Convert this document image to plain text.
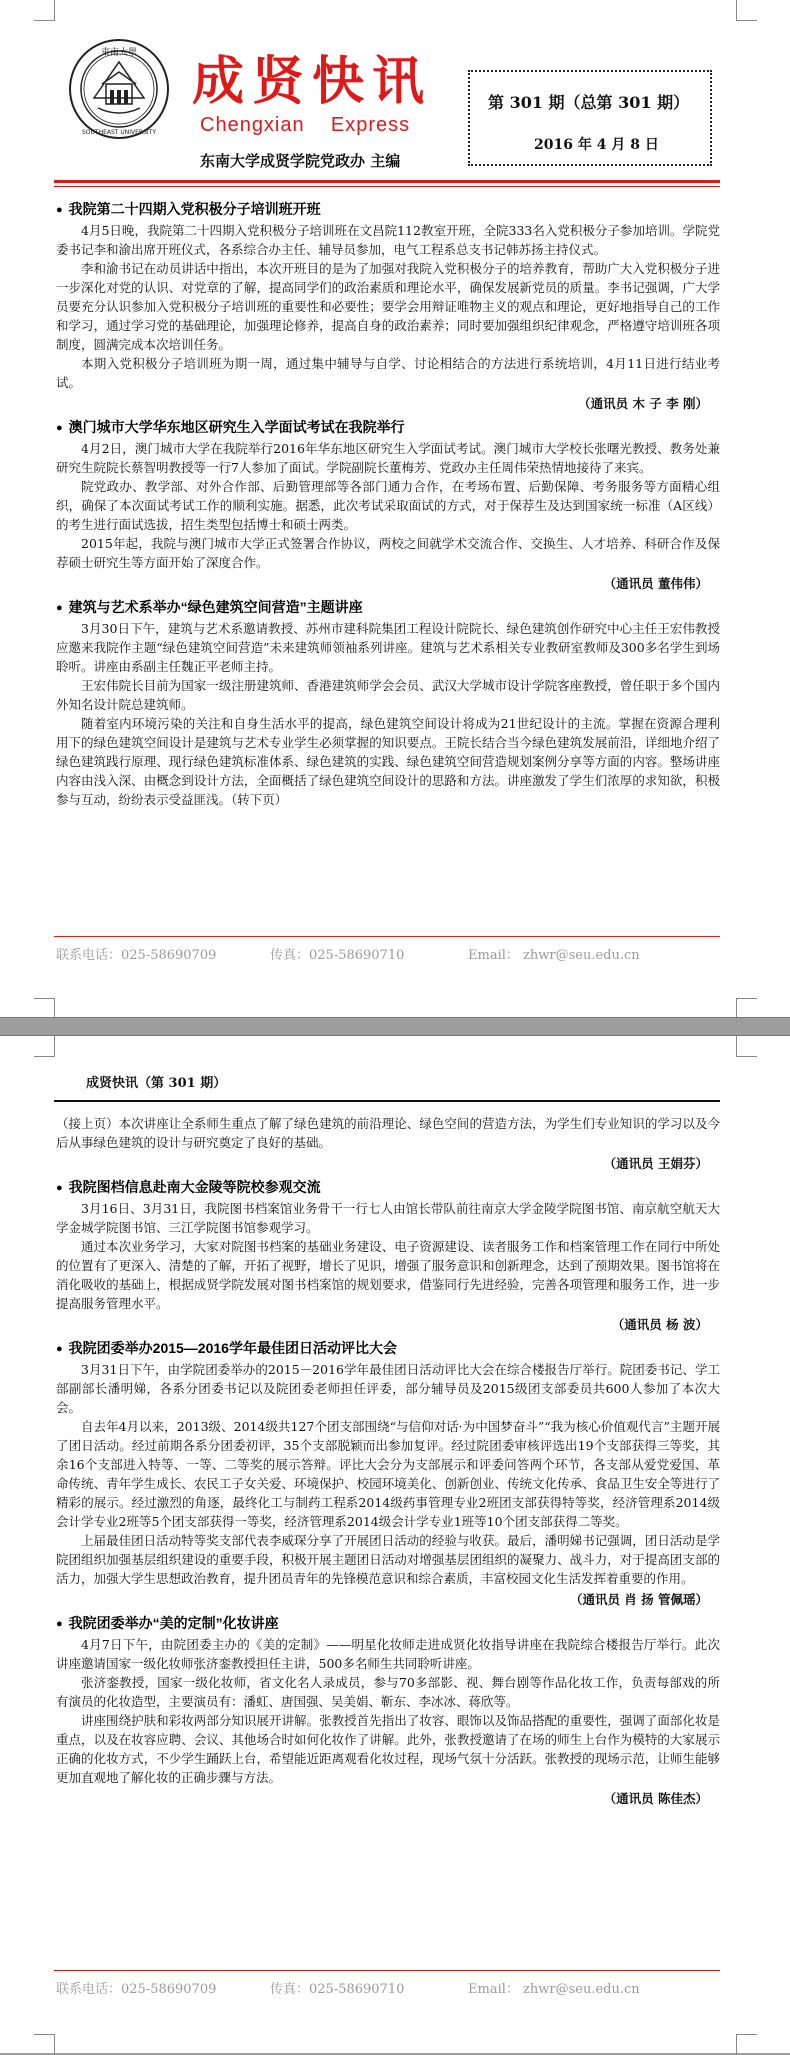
東南大學
SOUTHEAST UNIVERSITY
成贤快讯
Chengxian    Express
东南大学成贤学院党政办 主编
第 301 期（总第 301 期）
2016 年 4 月 8 日
● 我院第二十四期入党积极分子培训班开班

4月5日晚，我院第二十四期入党积极分子培训班在文昌院112教室开班，全院333名入党积极分子参加培训。学院党委书记李和渝出席开班仪式，各系综合办主任、辅导员参加，电气工程系总支书记韩苏扬主持仪式。

李和渝书记在动员讲话中指出，本次开班目的是为了加强对我院入党积极分子的培养教育，帮助广大入党积极分子进一步深化对党的认识、对党章的了解，提高同学们的政治素质和理论水平，确保发展新党员的质量。李书记强调，广大学员要充分认识参加入党积极分子培训班的重要性和必要性；要学会用辩证唯物主义的观点和理论，更好地指导自己的工作和学习，通过学习党的基础理论，加强理论修养，提高自身的政治素养；同时要加强组织纪律观念，严格遵守培训班各项制度，圆满完成本次培训任务。

本期入党积极分子培训班为期一周，通过集中辅导与自学、讨论相结合的方法进行系统培训，4月11日进行结业考试。

（通讯员 木 子 李 刚）
● 澳门城市大学华东地区研究生入学面试考试在我院举行

4月2日，澳门城市大学在我院举行2016年华东地区研究生入学面试考试。澳门城市大学校长张曙光教授、教务处兼研究生院院长蔡智明教授等一行7人参加了面试。学院副院长董梅芳、党政办主任周伟荣热情地接待了来宾。

院党政办、教学部、对外合作部、后勤管理部等各部门通力合作，在考场布置、后勤保障、考务服务等方面精心组织，确保了本次面试考试工作的顺利实施。据悉，此次考试采取面试的方式，对于保荐生及达到国家统一标准（A区线）的考生进行面试选拔，招生类型包括博士和硕士两类。

2015年起，我院与澳门城市大学正式签署合作协议，两校之间就学术交流合作、交换生、人才培养、科研合作及保荐硕士研究生等方面开始了深度合作。

（通讯员 董伟伟）
● 建筑与艺术系举办“绿色建筑空间营造”主题讲座

3月30日下午，建筑与艺术系邀请教授、苏州市建科院集团工程设计院院长、绿色建筑创作研究中心主任王宏伟教授应邀来我院作主题“绿色建筑空间营造”未来建筑师领袖系列讲座。建筑与艺术系相关专业教研室教师及300多名学生到场聆听。讲座由系副主任魏正平老师主持。

王宏伟院长目前为国家一级注册建筑师、香港建筑师学会会员、武汉大学城市设计学院客座教授，曾任职于多个国内外知名设计院总建筑师。

随着室内环境污染的关注和自身生活水平的提高，绿色建筑空间设计将成为21世纪设计的主流。掌握在资源合理利用下的绿色建筑空间设计是建筑与艺术专业学生必须掌握的知识要点。王院长结合当今绿色建筑发展前沿，详细地介绍了绿色建筑践行原理、现行绿色建筑标准体系、绿色建筑的实践、绿色建筑空间营造规划案例分享等方面的内容。整场讲座内容由浅入深、由概念到设计方法，全面概括了绿色建筑空间设计的思路和方法。讲座激发了学生们浓厚的求知欲，积极参与互动，纷纷表示受益匪浅。（转下页）

联系电话：025-58690709	传真：025-58690710	Email： zhwr@seu.edu.cn
成贤快讯（第 301 期）

（接上页）本次讲座让全系师生重点了解了绿色建筑的前沿理论、绿色空间的营造方法，为学生们专业知识的学习以及今后从事绿色建筑的设计与研究奠定了良好的基础。

（通讯员 王娟芬）
● 我院图档信息赴南大金陵等院校参观交流

3月16日、3月31日，我院图书档案馆业务骨干一行七人由馆长带队前往南京大学金陵学院图书馆、南京航空航天大学金城学院图书馆、三江学院图书馆参观学习。

通过本次业务学习，大家对院图书档案的基础业务建设、电子资源建设、读者服务工作和档案管理工作在同行中所处的位置有了更深入、清楚的了解，开拓了视野，增长了见识，增强了服务意识和创新理念，达到了预期效果。图书馆将在消化吸收的基础上，根据成贤学院发展对图书档案馆的规划要求，借鉴同行先进经验，完善各项管理和服务工作，进一步提高服务管理水平。

（通讯员 杨 波）
● 我院团委举办2015—2016学年最佳团日活动评比大会

3月31日下午，由学院团委举办的2015－2016学年最佳团日活动评比大会在综合楼报告厅举行。院团委书记、学工部副部长潘明娣，各系分团委书记以及院团委老师担任评委，部分辅导员及2015级团支部委员共600人参加了本次大会。

自去年4月以来，2013级、2014级共127个团支部围绕“与信仰对话·为中国梦奋斗”“我为核心价值观代言”主题开展了团日活动。经过前期各系分团委初评，35个支部脱颖而出参加复评。经过院团委审核评选出19个支部获得三等奖，其余16个支部进入特等、一等、二等奖的展示答辩。评比大会分为支部展示和评委问答两个环节，各支部从爱党爱国、革命传统、青年学生成长、农民工子女关爱、环境保护、校园环境美化、创新创业、传统文化传承、食品卫生安全等进行了精彩的展示。经过激烈的角逐，最终化工与制药工程系2014级药事管理专业2班团支部获得特等奖，经济管理系2014级会计学专业2班等5个团支部获得一等奖，经济管理系2014级会计学专业1班等10个团支部获得二等奖。

上届最佳团日活动特等奖支部代表李威琛分享了开展团日活动的经验与收获。最后，潘明娣书记强调，团日活动是学院团组织加强基层组织建设的重要手段，积极开展主题团日活动对增强基层团组织的凝聚力、战斗力，对于提高团支部的活力，加强大学生思想政治教育，提升团员青年的先锋模范意识和综合素质，丰富校园文化生活发挥着重要的作用。

（通讯员 肖 扬 管佩瑶）
● 我院团委举办“美的定制”化妆讲座

4月7日下午，由院团委主办的《美的定制》——明星化妆师走进成贤化妆指导讲座在我院综合楼报告厅举行。此次讲座邀请国家一级化妆师张济銮教授担任主讲，500多名师生共同聆听讲座。

张济銮教授，国家一级化妆师，省文化名人录成员，参与70多部影、视、舞台剧等作品化妆工作，负责每部戏的所有演员的化妆造型，主要演员有：潘虹、唐国强、吴美娟、靳东、李冰冰、蒋欣等。

讲座围绕护肤和彩妆两部分知识展开讲解。张教授首先指出了妆容、眼饰以及饰品搭配的重要性，强调了面部化妆是重点，以及在妆容应聘、会议、其他场合时如何化妆作了讲解。此外，张教授邀请了在场的师生上台作为模特的大家展示正确的化妆方式，不少学生踊跃上台，希望能近距离观看化妆过程，现场气氛十分活跃。张教授的现场示范，让师生能够更加直观地了解化妆的正确步骤与方法。

（通讯员 陈佳杰）
联系电话：025-58690709	传真：025-58690710	Email： zhwr@seu.edu.cn
